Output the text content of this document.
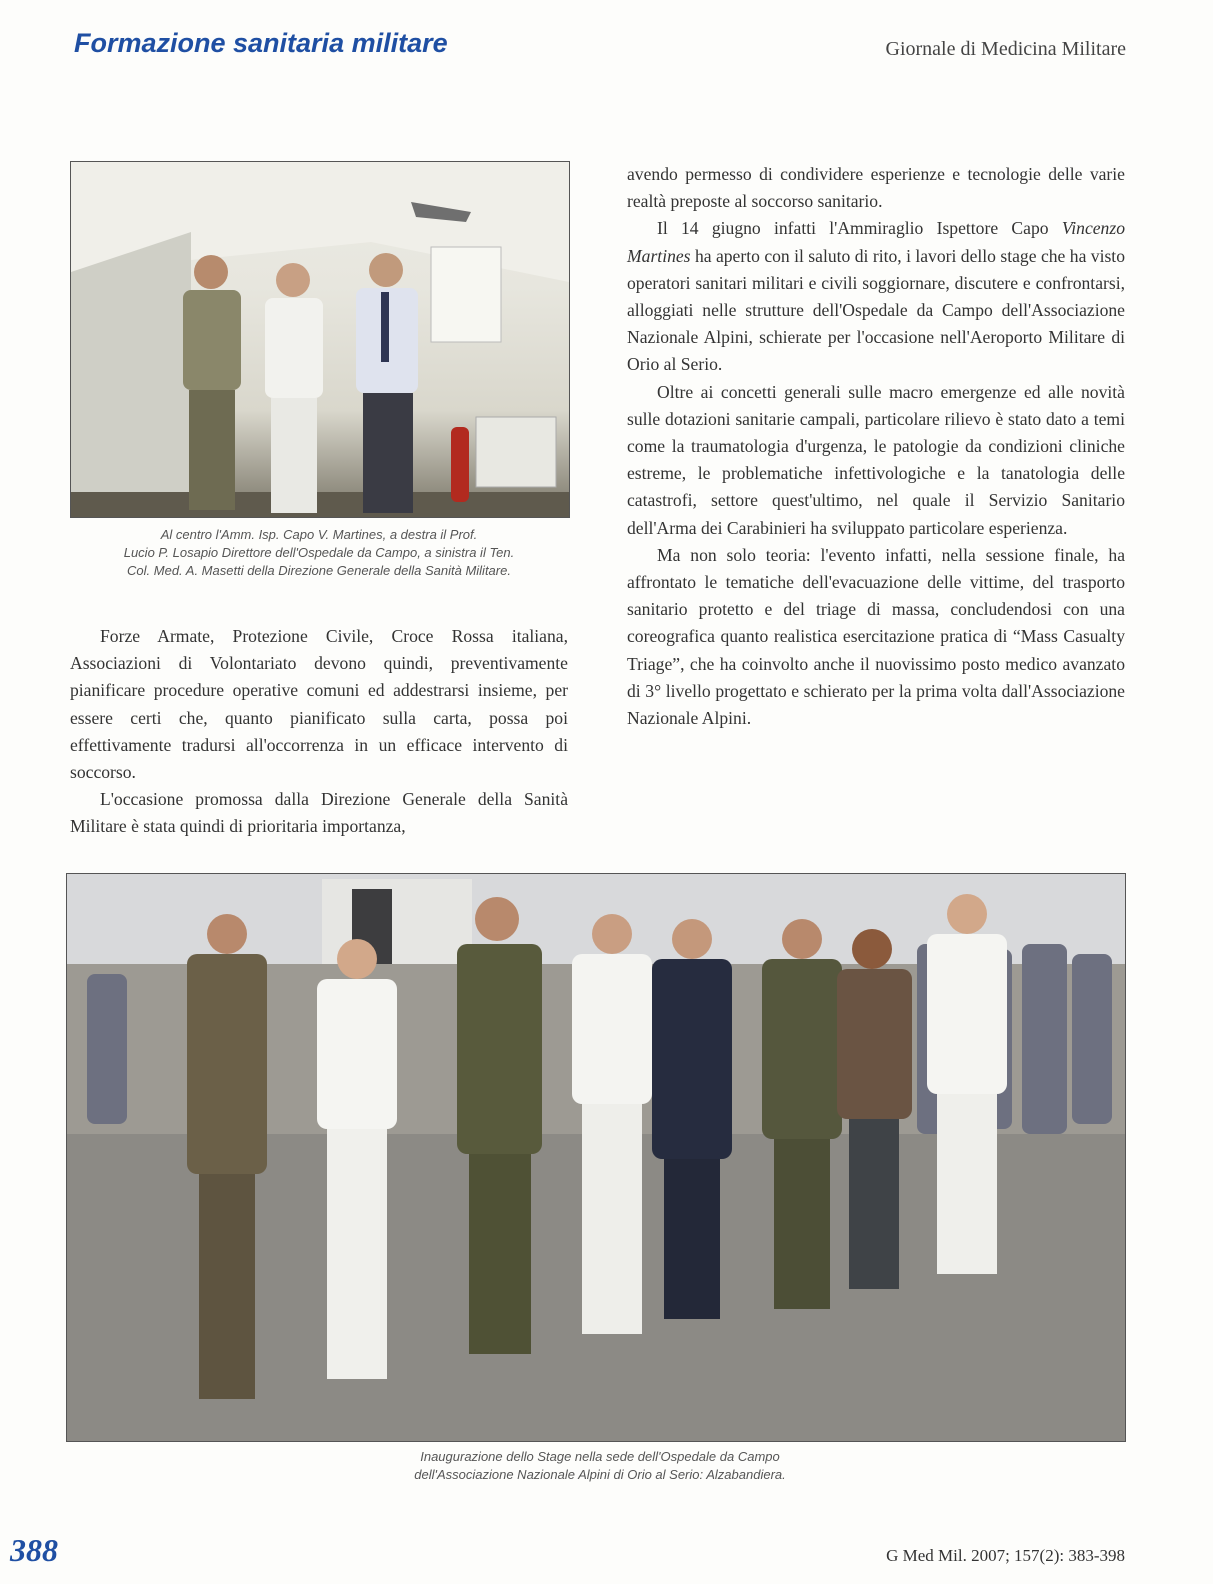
Formazione sanitaria militare	Giornale di Medicina Militare
Al centro l'Amm. Isp. Capo V. Martines, a destra il Prof.
Lucio P. Losapio Direttore dell'Ospedale da Campo, a sinistra il Ten.
Col. Med. A. Masetti della Direzione Generale della Sanità Militare.

Forze Armate, Protezione Civile, Croce Rossa italiana, Associazioni di Volontariato devono quindi, preventivamente pianificare procedure operative comuni ed addestrarsi insieme, per essere certi che, quanto pianificato sulla carta, possa poi effettivamente tradursi all'occorrenza in un efficace intervento di soccorso.

L'occasione promossa dalla Direzione Generale della Sanità Militare è stata quindi di prioritaria importanza,

avendo permesso di condividere esperienze e tecnologie delle varie realtà preposte al soccorso sanitario.

Il 14 giugno infatti l'Ammiraglio Ispettore Capo Vincenzo Martines ha aperto con il saluto di rito, i lavori dello stage che ha visto operatori sanitari militari e civili soggiornare, discutere e confrontarsi, alloggiati nelle strutture dell'Ospedale da Campo dell'Associazione Nazionale Alpini, schierate per l'occasione nell'Aeroporto Militare di Orio al Serio.

Oltre ai concetti generali sulle macro emergenze ed alle novità sulle dotazioni sanitarie campali, particolare rilievo è stato dato a temi come la traumatologia d'urgenza, le patologie da condizioni cliniche estreme, le problematiche infettivologiche e la tanatologia delle catastrofi, settore quest'ultimo, nel quale il Servizio Sanitario dell'Arma dei Carabinieri ha sviluppato particolare esperienza.

Ma non solo teoria: l'evento infatti, nella sessione finale, ha affrontato le tematiche dell'evacuazione delle vittime, del trasporto sanitario protetto e del triage di massa, concludendosi con una coreografica quanto realistica esercitazione pratica di “Mass Casualty Triage”, che ha coinvolto anche il nuovissimo posto medico avanzato di 3° livello progettato e schierato per la prima volta dall'Associazione Nazionale Alpini.

Inaugurazione dello Stage nella sede dell'Ospedale da Campo
dell'Associazione Nazionale Alpini di Orio al Serio: Alzabandiera.
388	G Med Mil. 2007; 157(2): 383-398
